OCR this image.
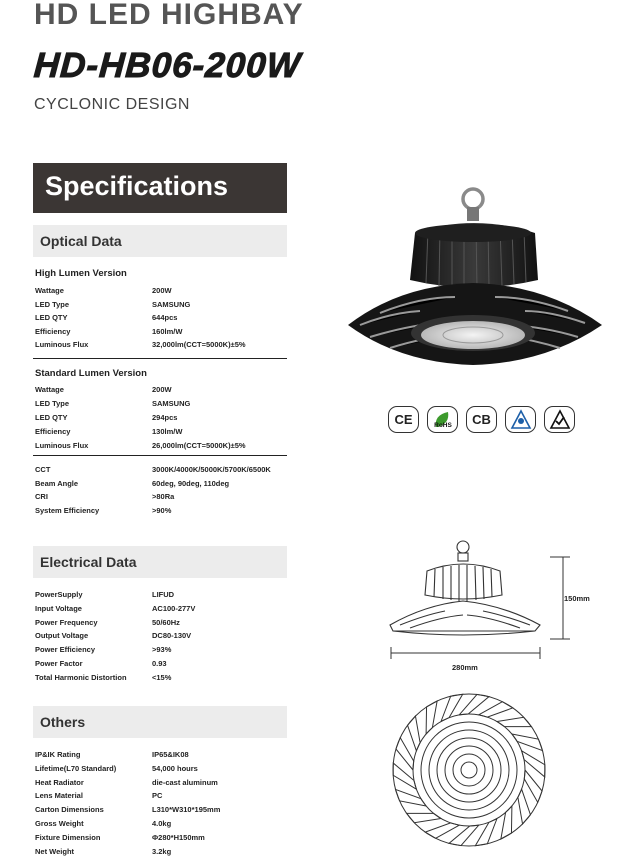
HD LED HIGHBAY
HD-HB06-200W
CYCLONIC DESIGN
Specifications
Optical Data
High Lumen Version
Wattage	200W
LED Type	SAMSUNG
LED QTY	644pcs
Efficiency	160lm/W
Luminous Flux	32,000lm(CCT=5000K)±5%
Standard Lumen Version
Wattage	200W
LED Type	SAMSUNG
LED QTY	294pcs
Efficiency	130lm/W
Luminous Flux	26,000lm(CCT=5000K)±5%
CCT	3000K/4000K/5000K/5700K/6500K
Beam Angle	60deg, 90deg, 110deg
CRI	>80Ra
System Efficiency	>90%
Electrical Data
PowerSupply	LIFUD
Input Voltage	AC100-277V
Power Frequency	50/60Hz
Output Voltage	DC80-130V
Power Efficiency	>93%
Power Factor	0.93
Total Harmonic Distortion	<15%
Others
IP&IK Rating	IP65&IK08
Lifetime(L70 Standard)	54,000 hours
Heat Radiator	die-cast aluminum
Lens Material	PC
Carton Dimensions	L310*W310*195mm
Gross Weight	4.0kg
Fixture Dimension	Φ280*H150mm
Net Weight	3.2kg
CE	RoHS CB
150mm
280mm
